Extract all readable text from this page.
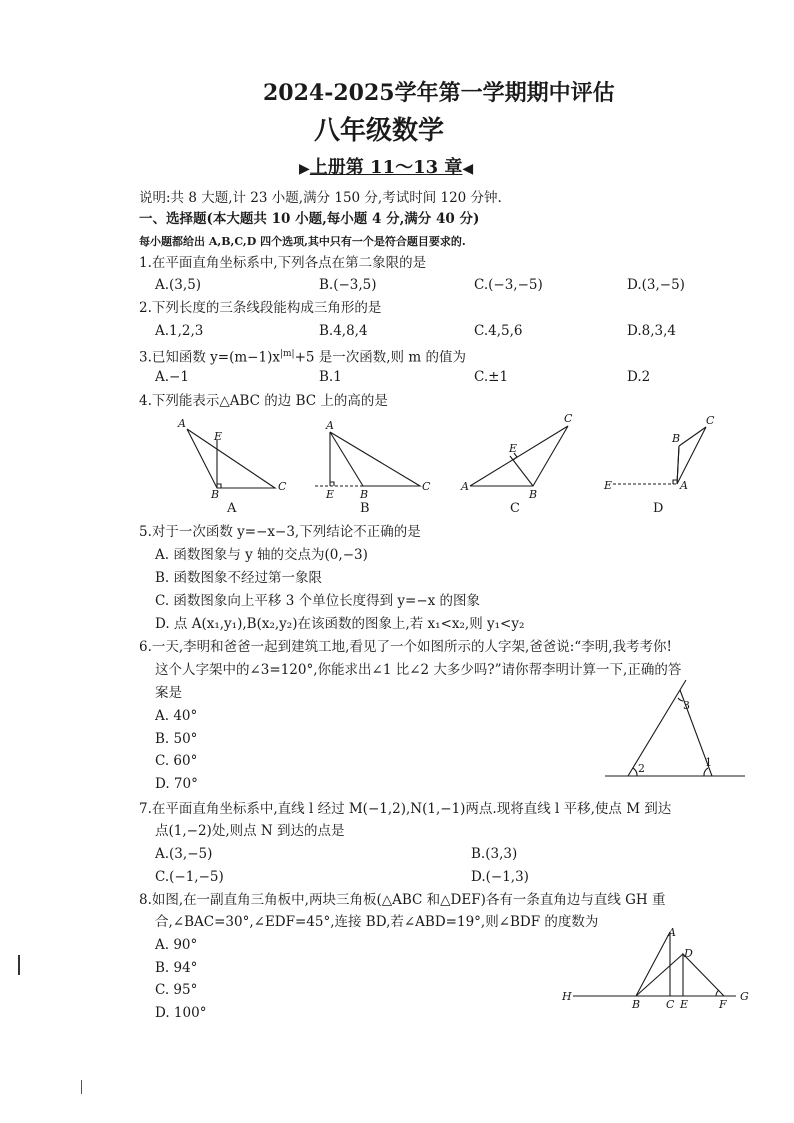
2024-2025学年第一学期期中评估
八年级数学
▶上册第 11～13 章◀
说明:共 8 大题,计 23 小题,满分 150 分,考试时间 120 分钟.
一、选择题(本大题共 10 小题,每小题 4 分,满分 40 分)
每小题都给出 A,B,C,D 四个选项,其中只有一个是符合题目要求的.
1.在平面直角坐标系中,下列各点在第二象限的是
A.(3,5)	B.(−3,5)	C.(−3,−5)	D.(3,−5)
2.下列长度的三条线段能构成三角形的是
A.1,2,3	B.4,8,4	C.4,5,6	D.8,3,4
3.已知函数 $y=(m-1)x^{|m|}+5$ 是一次函数,则 m 的值为
A.−1	B.1	C.±1	D.2
4.下列能表示△ABC 的边 BC 上的高的是
A
E
B
C
A
A
E B
C
B
C
E
A
B
C
C
B
E	A
D
5.对于一次函数 y=−x−3,下列结论不正确的是
A. 函数图象与 y 轴的交点为(0,−3)
B. 函数图象不经过第一象限
C. 函数图象向上平移 3 个单位长度得到 y=−x 的图象
D. 点 A(x₁,y₁),B(x₂,y₂)在该函数的图象上,若 x₁<x₂,则 y₁<y₂
6.一天,李明和爸爸一起到建筑工地,看见了一个如图所示的人字架,爸爸说:“李明,我考考你!
这个人字架中的∠3=120°,你能求出∠1 比∠2 大多少吗?”请你帮李明计算一下,正确的答
案是
A. 40°
B. 50°
C. 60°
D. 70°
3
2	1
7.在平面直角坐标系中,直线 l 经过 M(−1,2),N(1,−1)两点.现将直线 l 平移,使点 M 到达
点(1,−2)处,则点 N 到达的点是
A.(3,−5)	B.(3,3)
C.(−1,−5)	D.(−1,3)
8.如图,在一副直角三角板中,两块三角板(△ABC 和△DEF)各有一条直角边与直线 GH 重
合,∠BAC=30°,∠EDF=45°,连接 BD,若∠ABD=19°,则∠BDF 的度数为
A. 90°
B. 94°
C. 95°
D. 100°
A
D
H	G
B C E	F
